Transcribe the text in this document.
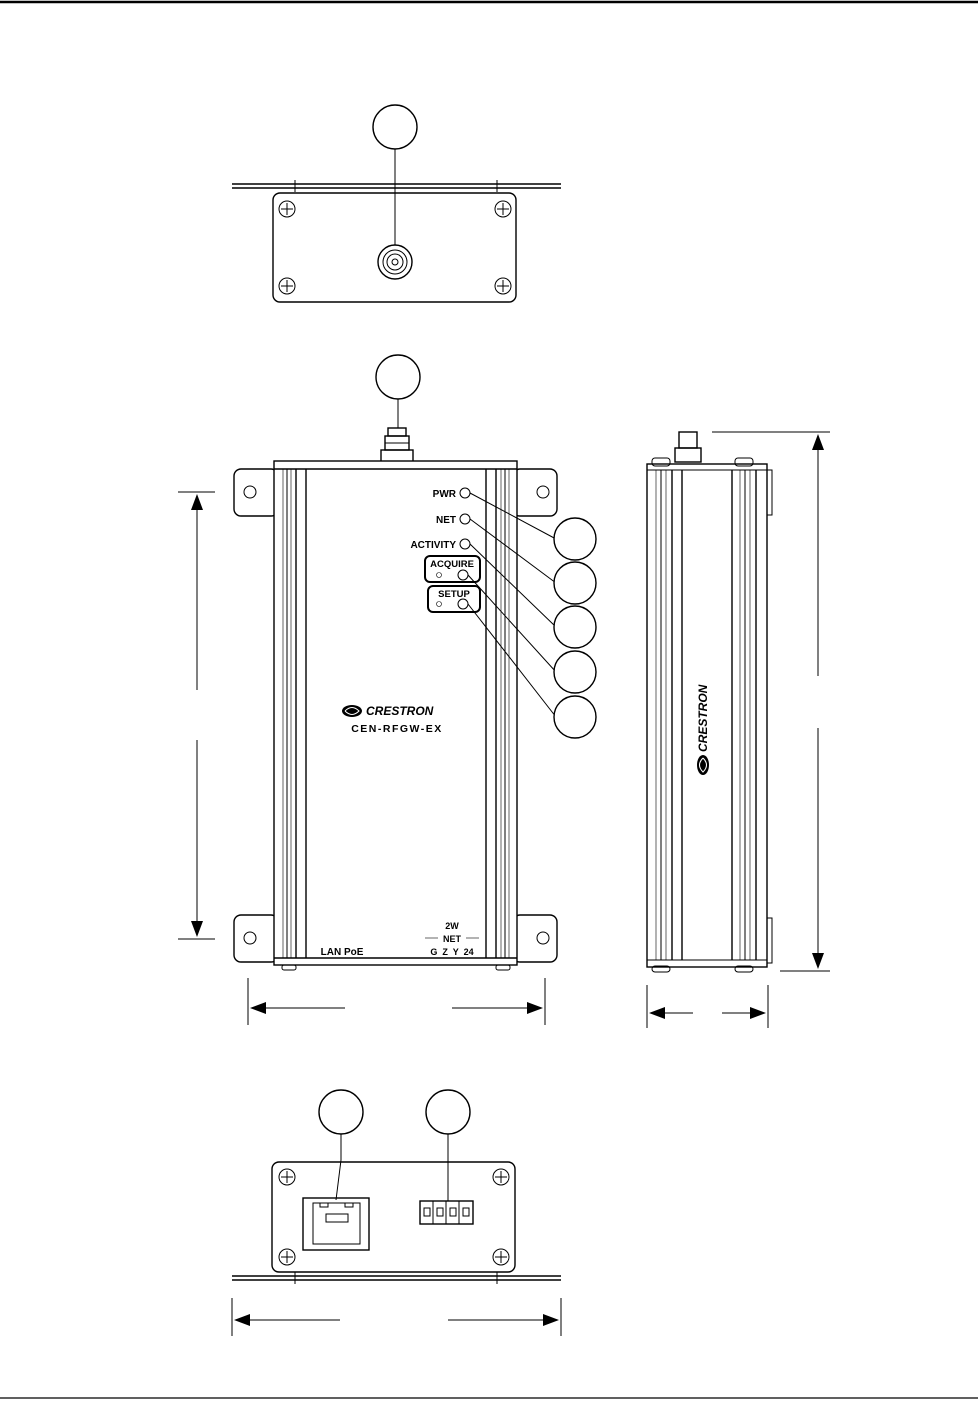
PWR
NET
ACTIVITY
ACQUIRE
SETUP
CRESTRON
CEN-RFGW-EX
LAN PoE
2W
NET
G  Z  Y  24
CRESTRON
